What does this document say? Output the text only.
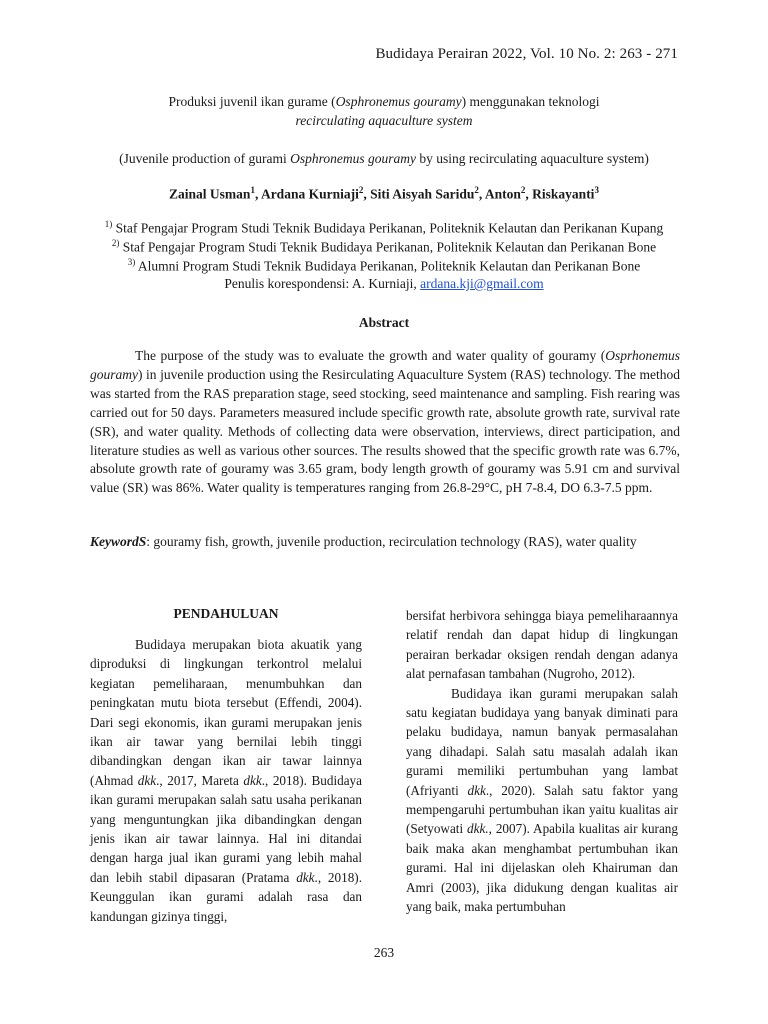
Budidaya Perairan 2022, Vol. 10 No. 2: 263 - 271
Produksi juvenil ikan gurame (Osphronemus gouramy) menggunakan teknologi
recirculating aquaculture system
(Juvenile production of gurami Osphronemus gouramy by using recirculating aquaculture system)
Zainal Usman$^1$, Ardana Kurniaji$^2$, Siti Aisyah Saridu$^2$, Anton$^2$, Riskayanti$^3$
$^{1)}$ Staf Pengajar Program Studi Teknik Budidaya Perikanan, Politeknik Kelautan dan Perikanan Kupang
$^{2)}$ Staf Pengajar Program Studi Teknik Budidaya Perikanan, Politeknik Kelautan dan Perikanan Bone
$^{3)}$ Alumni Program Studi Teknik Budidaya Perikanan, Politeknik Kelautan dan Perikanan Bone
Penulis korespondensi: A. Kurniaji, ardana.kji@gmail.com
Abstract
The purpose of the study was to evaluate the growth and water quality of gouramy (Osprhonemus gouramy) in juvenile production using the Resirculating Aquaculture System (RAS) technology. The method was started from the RAS preparation stage, seed stocking, seed maintenance and sampling. Fish rearing was carried out for 50 days. Parameters measured include specific growth rate, absolute growth rate, survival rate (SR), and water quality. Methods of collecting data were observation, interviews, direct participation, and literature studies as well as various other sources. The results showed that the specific growth rate was 6.7%, absolute growth rate of gouramy was 3.65 gram, body length growth of gouramy was 5.91 cm and survival value (SR) was 86%. Water quality is temperatures ranging from 26.8-29°C, pH 7-8.4, DO 6.3-7.5 ppm.
KeywordS: gouramy fish, growth, juvenile production, recirculation technology (RAS), water quality
PENDAHULUAN

Budidaya merupakan biota akuatik yang diproduksi di lingkungan terkontrol melalui kegiatan pemeliharaan, menumbuhkan dan peningkatan mutu biota tersebut (Effendi, 2004). Dari segi ekonomis, ikan gurami merupakan jenis ikan air tawar yang bernilai lebih tinggi dibandingkan dengan ikan air tawar lainnya (Ahmad dkk., 2017, Mareta dkk., 2018). Budidaya ikan gurami merupakan salah satu usaha perikanan yang menguntungkan jika dibandingkan dengan jenis ikan air tawar lainnya. Hal ini ditandai dengan harga jual ikan gurami yang lebih mahal dan lebih stabil dipasaran (Pratama dkk., 2018). Keunggulan ikan gurami adalah rasa dan kandungan gizinya tinggi,

bersifat herbivora sehingga biaya pemeliharaannya relatif rendah dan dapat hidup di lingkungan perairan berkadar oksigen rendah dengan adanya alat pernafasan tambahan (Nugroho, 2012).

Budidaya ikan gurami merupakan salah satu kegiatan budidaya yang banyak diminati para pelaku budidaya, namun banyak permasalahan yang dihadapi. Salah satu masalah adalah ikan gurami memiliki pertumbuhan yang lambat (Afriyanti dkk., 2020). Salah satu faktor yang mempengaruhi pertumbuhan ikan yaitu kualitas air (Setyowati dkk., 2007). Apabila kualitas air kurang baik maka akan menghambat pertumbuhan ikan gurami. Hal ini dijelaskan oleh Khairuman dan Amri (2003), jika didukung dengan kualitas air yang baik, maka pertumbuhan

263
